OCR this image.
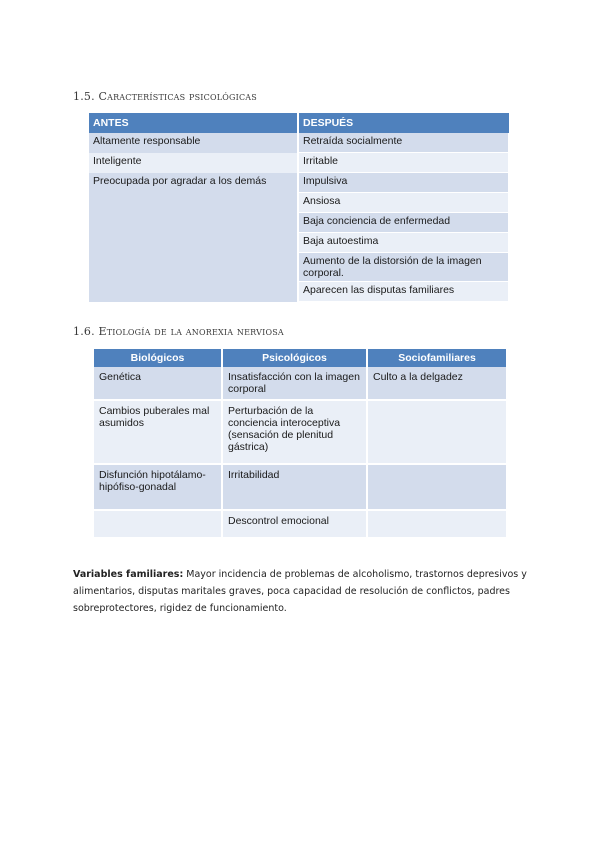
1.5. Características psicológicas
ANTES	DESPUÉS
Altamente responsable	Retraída socialmente
Inteligente	Irritable
Preocupada por agradar a los demás	Impulsiva
	Ansiosa
	Baja conciencia de enfermedad
	Baja autoestima
	Aumento de la distorsión de la imagen corporal.
	Aparecen las disputas familiares
1.6. Etiología de la anorexia nerviosa
Biológicos	Psicológicos	Sociofamiliares
Genética	Insatisfacción con la imagen corporal	Culto a la delgadez
Cambios puberales mal asumidos	Perturbación de la conciencia interoceptiva (sensación de plenitud gástrica)	
Disfunción hipotálamo-hipófiso-gonadal	Irritabilidad	
	Descontrol emocional	
Variables familiares: Mayor incidencia de problemas de alcoholismo, trastornos depresivos y alimentarios, disputas maritales graves, poca capacidad de resolución de conflictos, padres sobreprotectores, rigidez de funcionamiento.
